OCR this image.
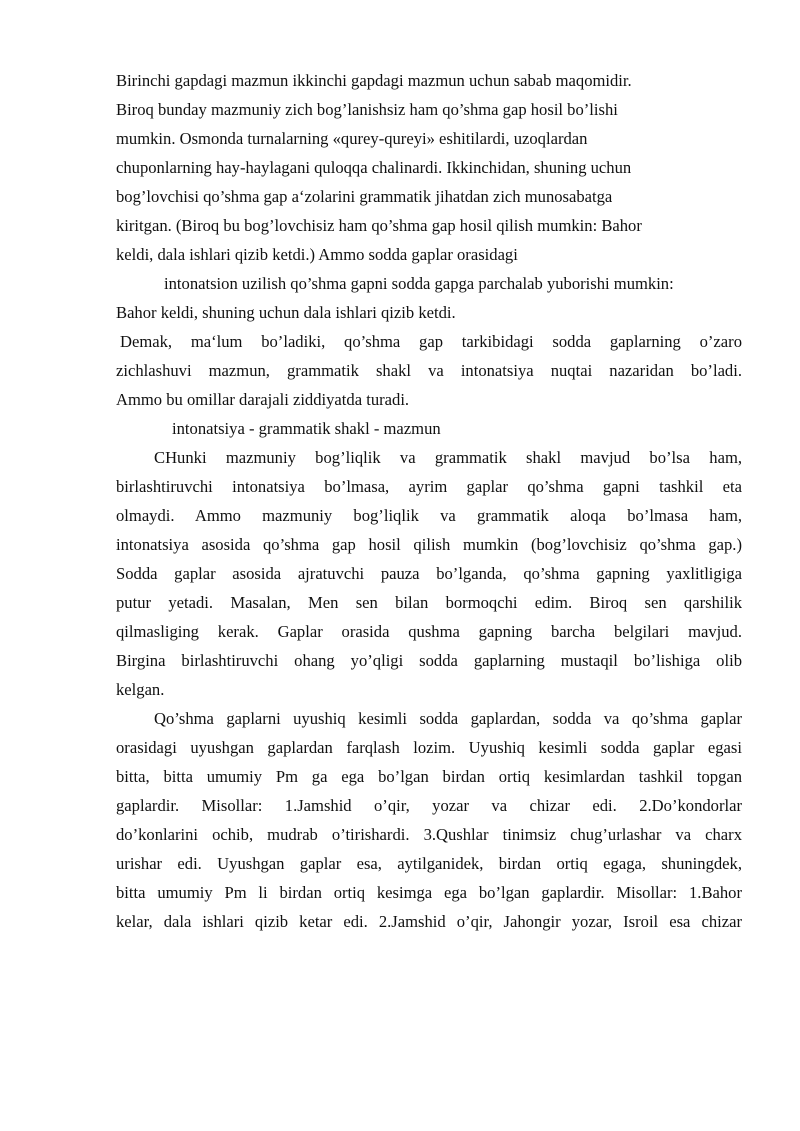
Birinchi gapdagi mazmun ikkinchi gapdagi mazmun uchun sabab maqomidir.
Biroq bunday mazmuniy zich bog’lanishsiz ham qo’shma gap hosil bo’lishi
mumkin. Osmonda turnalarning «qurey-qureyi» eshitilardi, uzoqlardan
chuponlarning hay-haylagani quloqqa chalinardi. Ikkinchidan, shuning uchun
bog’lovchisi qo’shma gap a‘zolarini grammatik jihatdan zich munosabatga
kiritgan. (Biroq bu bog’lovchisiz ham qo’shma gap hosil qilish mumkin: Bahor
keldi, dala ishlari qizib ketdi.) Ammo sodda gaplar orasidagi
intonatsion uzilish qo’shma gapni sodda gapga parchalab yuborishi mumkin:
Bahor keldi, shuning uchun dala ishlari qizib ketdi.
Demak, ma‘lum bo’ladiki, qo’shma gap tarkibidagi sodda gaplarning o’zaro
zichlashuvi mazmun, grammatik shakl va intonatsiya nuqtai nazaridan bo’ladi.
Ammo bu omillar darajali ziddiyatda turadi.
intonatsiya - grammatik shakl - mazmun
CHunki mazmuniy bog’liqlik va grammatik shakl mavjud bo’lsa ham,
birlashtiruvchi intonatsiya bo’lmasa, ayrim gaplar qo’shma gapni tashkil eta
olmaydi. Ammo mazmuniy bog’liqlik va grammatik aloqa bo’lmasa ham,
intonatsiya asosida qo’shma gap hosil qilish mumkin (bog’lovchisiz qo’shma gap.)
Sodda gaplar asosida ajratuvchi pauza bo’lganda, qo’shma gapning yaxlitligiga
putur yetadi. Masalan, Men sen bilan bormoqchi edim. Biroq sen qarshilik
qilmasliging kerak. Gaplar orasida qushma gapning barcha belgilari mavjud.
Birgina birlashtiruvchi ohang yo’qligi sodda gaplarning mustaqil bo’lishiga olib
kelgan.
Qo’shma gaplarni uyushiq kesimli sodda gaplardan, sodda va qo’shma gaplar
orasidagi uyushgan gaplardan farqlash lozim. Uyushiq kesimli sodda gaplar egasi
bitta, bitta umumiy Pm ga ega bo’lgan birdan ortiq kesimlardan tashkil topgan
gaplardir. Misollar: 1.Jamshid o’qir, yozar va chizar edi. 2.Do’kondorlar
do’konlarini ochib, mudrab o’tirishardi. 3.Qushlar tinimsiz chug’urlashar va charx
urishar edi. Uyushgan gaplar esa, aytilganidek, birdan ortiq egaga, shuningdek,
bitta umumiy Pm li birdan ortiq kesimga ega bo’lgan gaplardir. Misollar: 1.Bahor
kelar, dala ishlari qizib ketar edi. 2.Jamshid o’qir, Jahongir yozar, Isroil esa chizar
